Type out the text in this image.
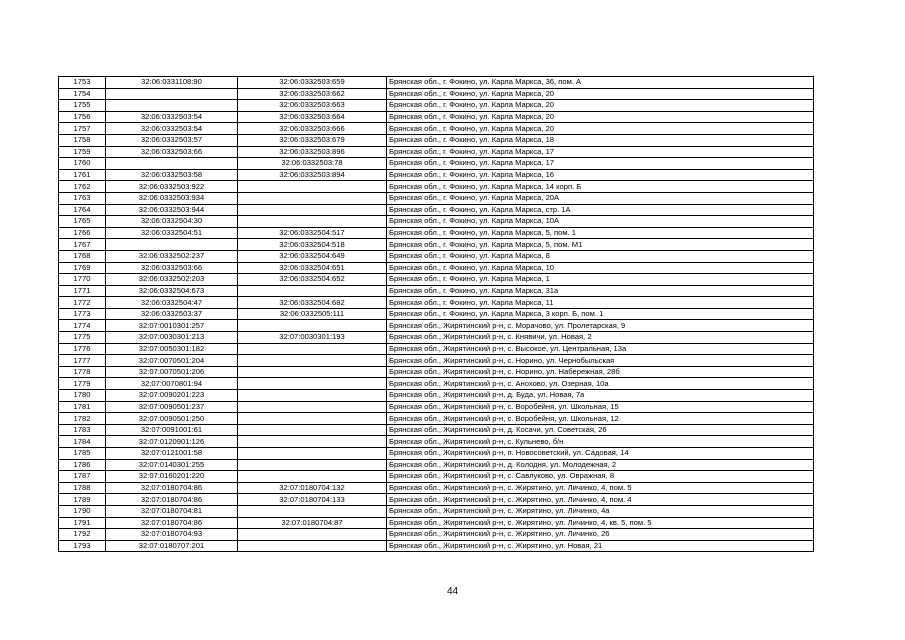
1753	32:06:0331108:90	32:06:0332503:659	Брянская обл., г. Фокино, ул. Карла Маркса, 36, пом. А
1754		32:06:0332503:662	Брянская обл., г. Фокино, ул. Карла Маркса, 20
1755		32:06:0332503:663	Брянская обл., г. Фокино, ул. Карла Маркса, 20
1756	32:06:0332503:54	32:06:0332503:664	Брянская обл., г. Фокино, ул. Карла Маркса, 20
1757	32:06:0332503:54	32:06:0332503:666	Брянская обл., г. Фокино, ул. Карла Маркса, 20
1758	32:06:0332503:57	32:06:0332503:679	Брянская обл., г. Фокино, ул. Карла Маркса, 18
1759	32:06:0332503:66	32:06:0332503:896	Брянская обл., г. Фокино, ул. Карла Маркса, 17
1760		32:06:0332503:78	Брянская обл., г. Фокино, ул. Карла Маркса, 17
1761	32:06:0332503:58	32:06:0332503:894	Брянская обл., г. Фокино, ул. Карла Маркса, 16
1762	32:06:0332503:922		Брянская обл., г. Фокино, ул. Карла Маркса, 14 корп. Б
1763	32:06:0332503:934		Брянская обл., г. Фокино, ул. Карла Маркса, 20А
1764	32:06:0332503:944		Брянская обл., г. Фокино, ул. Карла Маркса, стр. 1А
1765	32:06:0332504:30		Брянская обл., г. Фокино, ул. Карла Маркса, 10А
1766	32:06:0332504:51	32:06:0332504:517	Брянская обл., г. Фокино, ул. Карла Маркса, 5, пом. 1
1767		32:06:0332504:518	Брянская обл., г. Фокино, ул. Карла Маркса, 5, пом. М1
1768	32:06:0332502:237	32:06:0332504:649	Брянская обл., г. Фокино, ул. Карла Маркса, 8
1769	32:06:0332503:66	32:06:0332504:651	Брянская обл., г. Фокино, ул. Карла Маркса, 10
1770	32:06:0332502:203	32:06:0332504:652	Брянская обл., г. Фокино, ул. Карла Маркса, 1
1771	32:06:0332504:673		Брянская обл., г. Фокино, ул. Карла Маркса, 31а
1772	32:06:0332504:47	32:06:0332504:682	Брянская обл., г. Фокино, ул. Карла Маркса, 11
1773	32:06:0332503:37	32:06:0332505:111	Брянская обл., г. Фокино, ул. Карла Маркса, 3 корп. Б, пом. 1
1774	32:07:0010301:257		Брянская обл., Жирятинский р-н, с. Морачово, ул. Пролетарская, 9
1775	32:07:0030301:213	32:07:0030301:193	Брянская обл., Жирятинский р-н, с. Княвичи, ул. Новая, 2
1776	32:07:0050301:182		Брянская обл., Жирятинский р-н, с. Высокое, ул. Центральная, 13а
1777	32:07:0070501:204		Брянская обл., Жирятинский р-н, с. Норино, ул. Чернобыльская
1778	32:07:0070501:206		Брянская обл., Жирятинский р-н, с. Норино, ул. Набережная, 28б
1779	32:07:0070801:94		Брянская обл., Жирятинский р-н, с. Анохово, ул. Озерная, 10а
1780	32:07:0090201:223		Брянская обл., Жирятинский р-н, д. Буда, ул. Новая, 7а
1781	32:07:0090501:237		Брянская обл., Жирятинский р-н, с. Воробейня, ул. Школьная, 15
1782	32:07:0090501:250		Брянская обл., Жирятинский р-н, с. Воробейня, ул. Школьная, 12
1783	32:07:0091001:61		Брянская обл., Жирятинский р-н, д. Косачи, ул. Советская, 26
1784	32:07:0120901:126		Брянская обл., Жирятинский р-н, с. Кульнево, б/н
1785	32:07:0121001:58		Брянская обл., Жирятинский р-н, п. Новосоветский, ул. Садовая, 14
1786	32:07:0140301:255		Брянская обл., Жирятинский р-н, д. Колодня, ул. Молодежная, 2
1787	32:07:0160201:220		Брянская обл., Жирятинский р-н, с. Савлуково, ул. Овражная, 8
1788	32:07:0180704:86	32:07:0180704:132	Брянская обл., Жирятинский р-н, с. Жирятино, ул. Личинко, 4, пом. 5
1789	32:07:0180704:86	32:07:0180704:133	Брянская обл., Жирятинский р-н, с. Жирятино, ул. Личинко, 4, пом. 4
1790	32:07:0180704:81		Брянская обл., Жирятинский р-н, с. Жирятино, ул. Личинко, 4а
1791	32:07:0180704:86	32:07:0180704:87	Брянская обл., Жирятинский р-н, с. Жирятино, ул. Личинко, 4, кв. 5, пом. 5
1792	32:07:0180704:93		Брянская обл., Жирятинский р-н, с. Жирятино, ул. Личинко, 26
1793	32:07:0180707:201		Брянская обл., Жирятинский р-н, с. Жирятино, ул. Новая, 21
44
